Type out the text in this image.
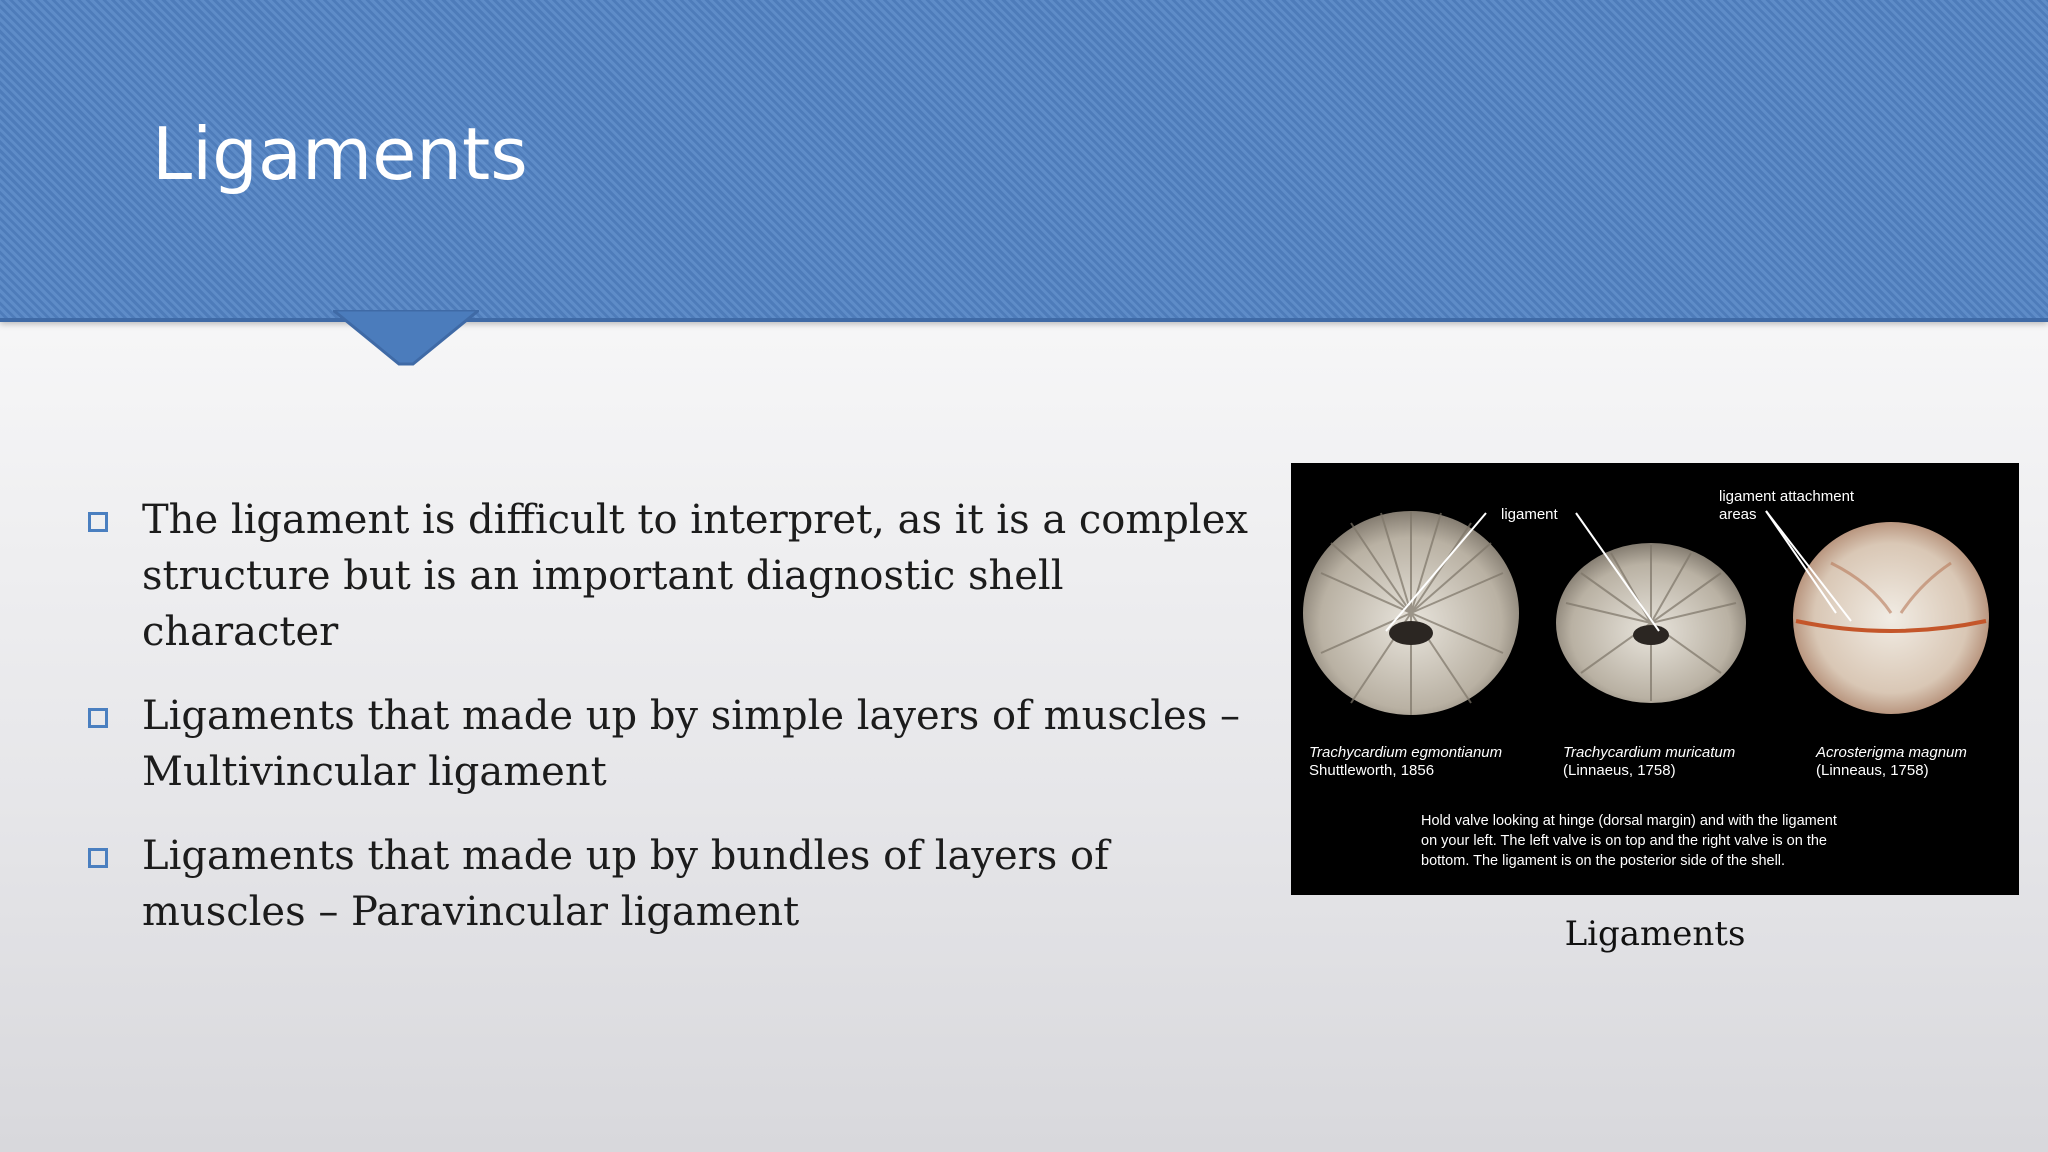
Ligaments
The ligament is difficult to interpret, as it is a complex structure but is an important diagnostic shell character
Ligaments that made up by simple layers of muscles – Multivincular ligament
Ligaments that made up by bundles of layers of muscles – Paravincular ligament
ligament
ligament attachment
areas
Trachycardium egmontianum
Shuttleworth, 1856
Trachycardium muricatum
(Linnaeus, 1758)
Acrosterigma magnum
(Linneaus, 1758)
Hold valve looking at hinge (dorsal margin) and with the ligament
on your left. The left valve is on top and the right valve is on the
bottom. The ligament is on the posterior side of the shell.
Ligaments
